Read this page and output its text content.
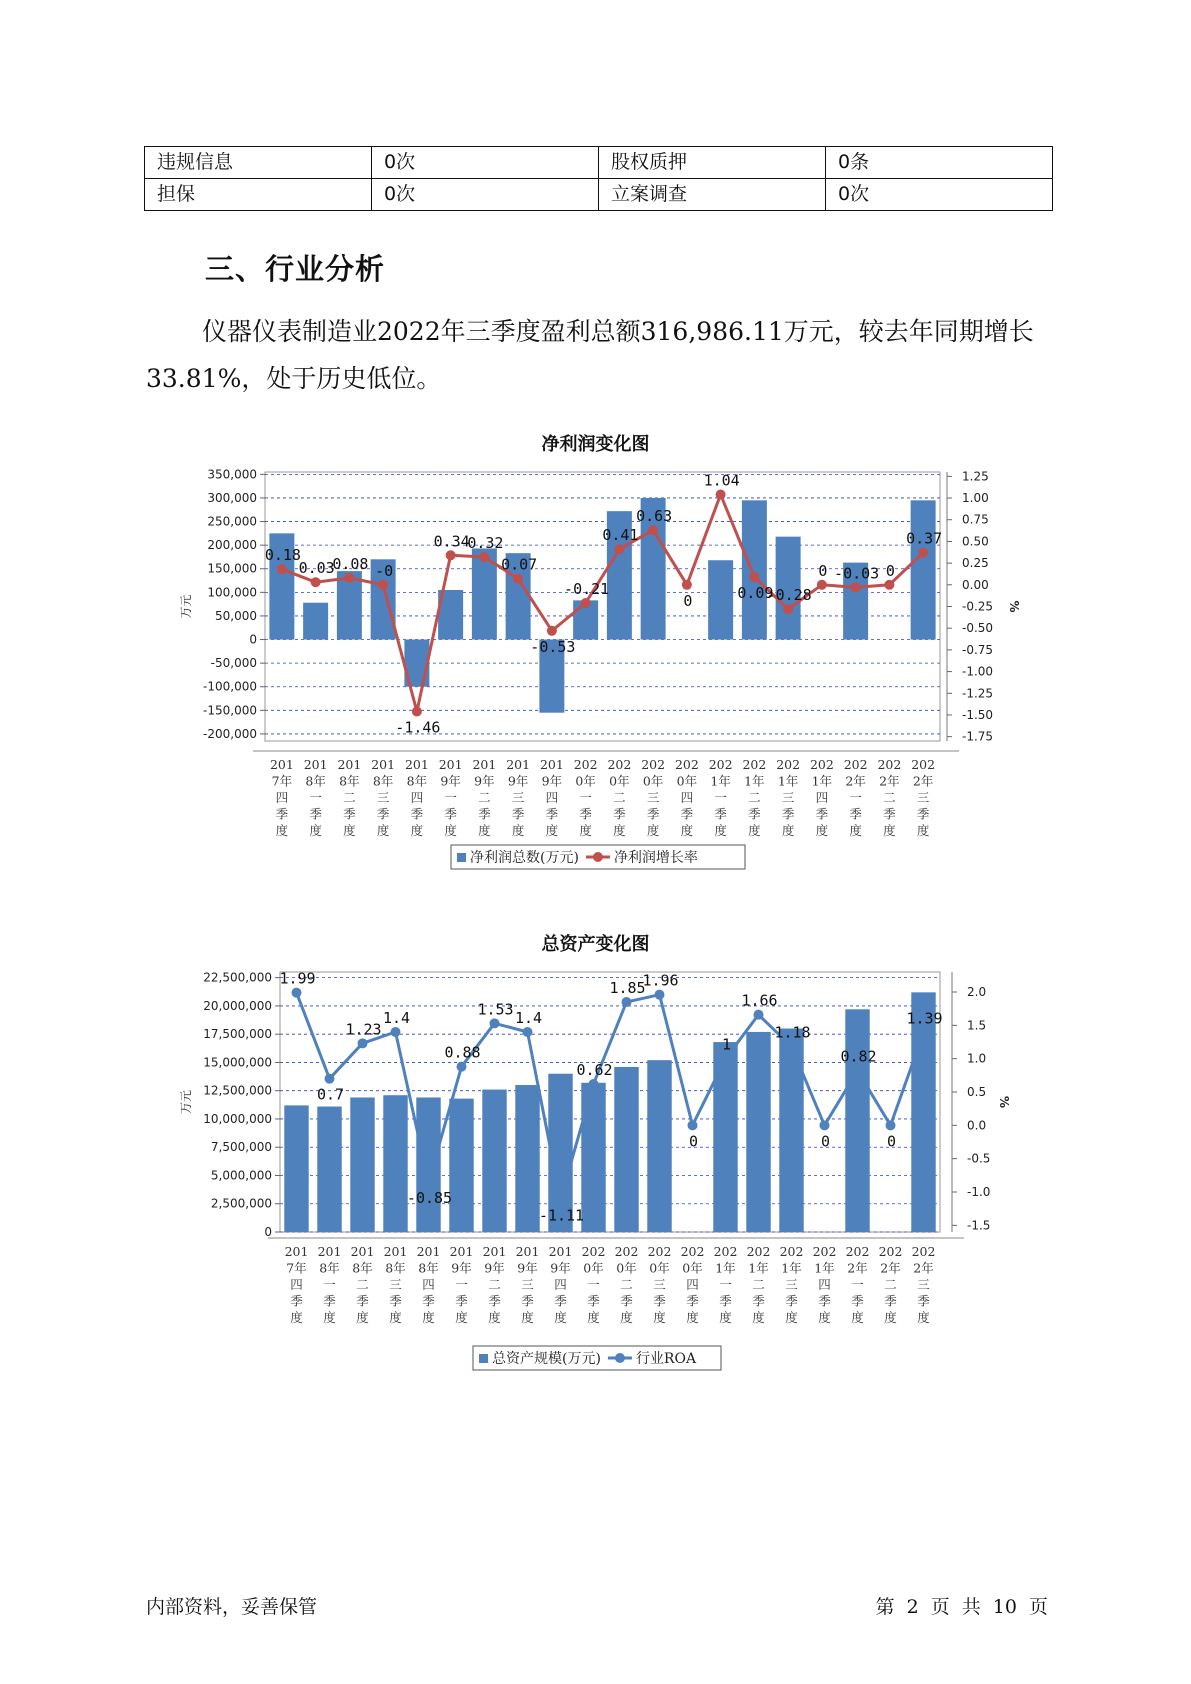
违规信息	0次	股权质押	0条
担保	0次	立案调查	0次
三、行业分析
仪器仪表制造业2022年三季度盈利总额316,986.11万元，较去年同期增长33.81%，处于历史低位。
净利润变化图
350,000
300,000
250,000
200,000
150,000
100,000
50,000
0
-50,000
-100,000
-150,000
-200,000
1.25
1.00
0.75
0.50
0.25
0.00
-0.25
-0.50
-0.75
-1.00
-1.25
-1.50
-1.75
万元	%
0.18
0.03
0.08 -0
-1.46
0.34
0.32
0.07
-0.53
-0.21
0.41
0.63
0
1.04
0.09
-0.28
0 -0.03 0
0.37
201 7年四季度
201 8年一季度
201 8年二季度
201 8年三季度
201 8年四季度
201 9年一季度
201 9年二季度
201 9年三季度
201 9年四季度
202 0年一季度
202 0年二季度
202 0年三季度
202 0年四季度
202 1年一季度
202 1年二季度
202 1年三季度
202 1年四季度
202 2年一季度
202 2年二季度
202 2年三季度
净利润总数(万元)	净利润增长率
总资产变化图
22,500,000
20,000,000
17,500,000
15,000,000
12,500,000
10,000,000
7,500,000
5,000,000
2,500,000
0
2.0
1.5
1.0
0.5
0.0
-0.5
-1.0
-1.5
万元	%
1.99
0.7
1.23
1.4
-0.85
0.88
1.53 1.4
-1.11
0.62
1.85
1.96
0
1
1.66
1.18
0
0.82
0
1.39
201 7年四季度
201 8年一季度
201 8年二季度
201 8年三季度
201 8年四季度
201 9年一季度
201 9年二季度
201 9年三季度
201 9年四季度
202 0年一季度
202 0年二季度
202 0年三季度
202 0年四季度
202 1年一季度
202 1年二季度
202 1年三季度
202 1年四季度
202 2年一季度
202 2年二季度
202 2年三季度
总资产规模(万元)	行业ROA
内部资料，妥善保管	第 2 页 共 10 页
